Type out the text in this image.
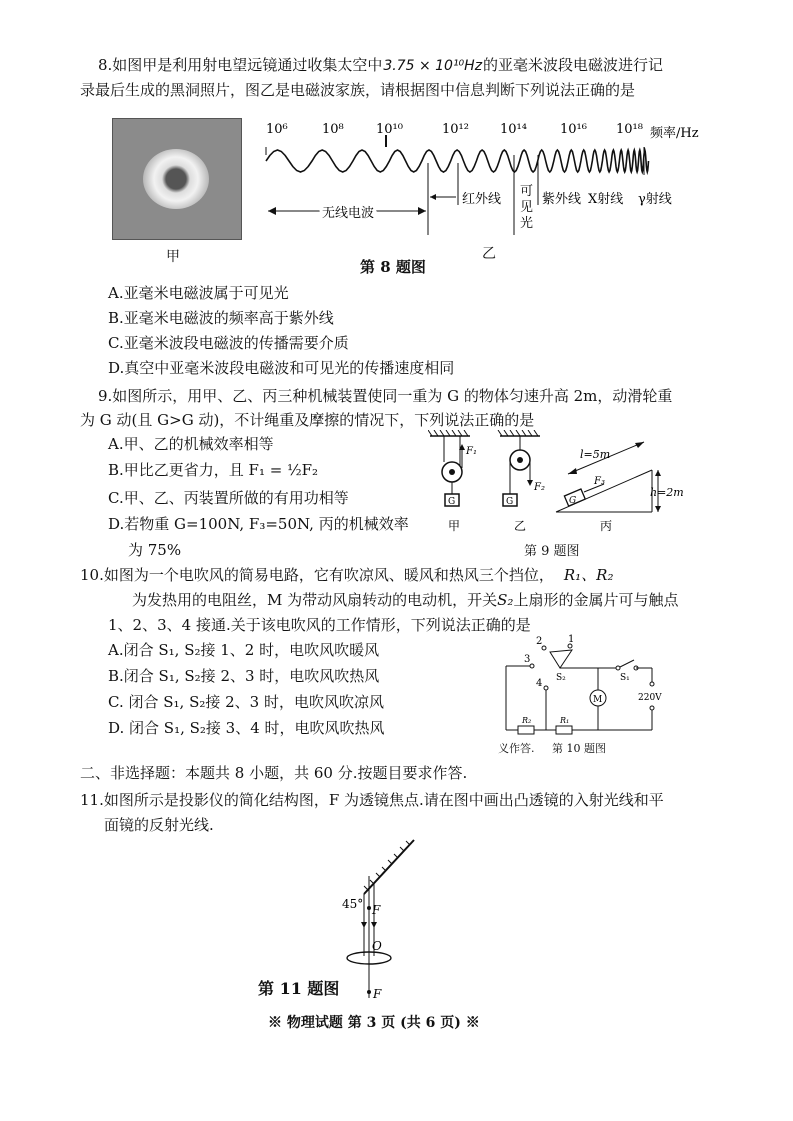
8.如图甲是利用射电望远镜通过收集太空中3.75 × 10¹⁰Hz的亚毫米波段电磁波进行记
录最后生成的黑洞照片，图乙是电磁波家族，请根据图中信息判断下列说法正确的是
甲
10⁶	10⁸ 10¹⁰	10¹² 10¹⁴	10¹⁶ 10¹⁸ 频率/Hz
无线电波
红外线
可
见
光
紫外线 X射线 γ射线
乙
第 8 题图
A.亚毫米电磁波属于可见光
B.亚毫米电磁波的频率高于紫外线
C.亚毫米波段电磁波的传播需要介质
D.真空中亚毫米波段电磁波和可见光的传播速度相同
9.如图所示，用甲、乙、丙三种机械装置使同一重为 G 的物体匀速升高 2m，动滑轮重
为 G 动(且 G>G 动)，不计绳重及摩擦的情况下，下列说法正确的是
A.甲、乙的机械效率相等
B.甲比乙更省力，且 F₁ = ½F₂
C.甲、乙、丙装置所做的有用功相等
D.若物重 G=100N, F₃=50N, 丙的机械效率
为 75%
G
F₁
甲
G
F₂
乙
l=5m
G
F₃
h=2m
丙
第 9 题图
10.如图为一个电吹风的简易电路，它有吹凉风、暖风和热风三个挡位， R₁、R₂
为发热用的电阻丝，M 为带动风扇转动的电动机，开关S₂上扇形的金属片可与触点
1、2、3、4 接通.关于该电吹风的工作情形，下列说法正确的是
A.闭合 S₁, S₂接 1、2 时，电吹风吹暖风
B.闭合 S₁, S₂接 2、3 时，电吹风吹热风
C. 闭合 S₁, S₂接 2、3 时，电吹风吹凉风
D. 闭合 S₁, S₂接 3、4 时，电吹风吹热风
2	1
3
4 S₂	S₁
220V
M
R₂	R₁
义作答. 第 10 题图
二、非选择题：本题共 8 小题，共 60 分.按题目要求作答.
11.如图所示是投影仪的简化结构图，F 为透镜焦点.请在图中画出凸透镜的入射光线和平
面镜的反射光线.
45° F
O
F
第 11 题图
※ 物理试题 第 3 页 (共 6 页) ※
